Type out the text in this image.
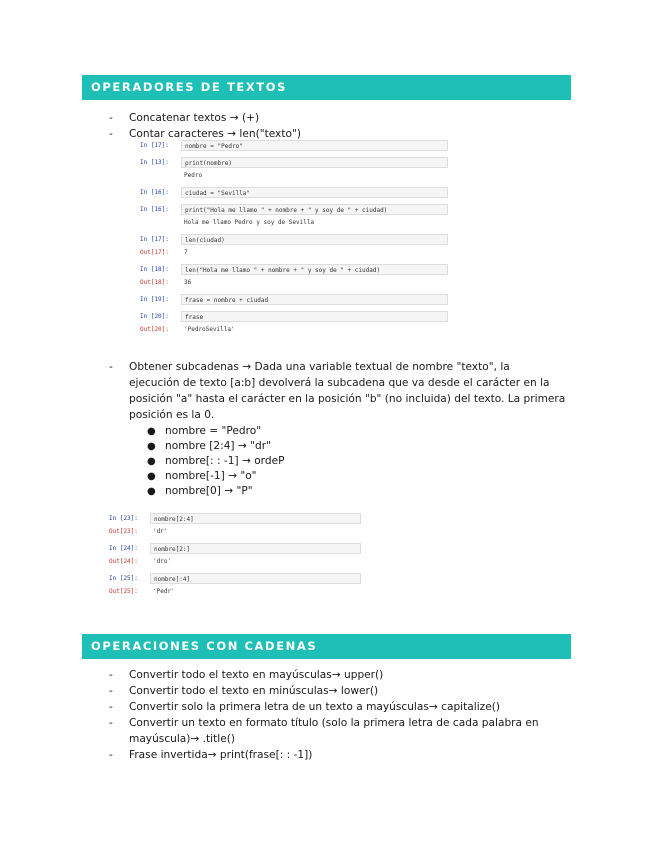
OPERADORES DE TEXTOS
- Concatenar textos → (+)
- Contar caracteres → len("texto")
In [17]:	nombre = "Pedro"
In [13]:	print(nombre)
Pedro
In [16]:	ciudad = "Sevilla"
In [16]:	print("Hola me llamo " + nombre + " y soy de " + ciudad)
Hola me llamo Pedro y soy de Sevilla
In [17]:	len(ciudad)
Out[17]:	7
In [18]:	len("Hola me llamo " + nombre + " y soy de " + ciudad)
Out[18]:	36
In [19]:	frase = nombre + ciudad
In [20]:	frase
Out[20]:	'PedroSevilla'
- Obtener subcadenas → Dada una variable textual de nombre "texto", la
ejecución de texto [a:b] devolverá la subcadena que va desde el carácter en la
posición "a" hasta el carácter en la posición "b" (no incluida) del texto. La primera
posición es la 0.
● nombre = "Pedro"
● nombre [2:4] → "dr"
● nombre[: : -1] → ordeP
● nombre[-1] → "o"
● nombre[0] → "P"
In [23]:	nombre[2:4]
Out[23]:	'dr'
In [24]:	nombre[2:]
Out[24]:	'dro'
In [25]:	nombre[:4]
Out[25]:	'Pedr'
OPERACIONES CON CADENAS
- Convertir todo el texto en mayúsculas→ upper()
- Convertir todo el texto en minúsculas→ lower()
- Convertir solo la primera letra de un texto a mayúsculas→ capitalize()
- Convertir un texto en formato título (solo la primera letra de cada palabra en
mayúscula)→ .title()
- Frase invertida→ print(frase[: : -1])
